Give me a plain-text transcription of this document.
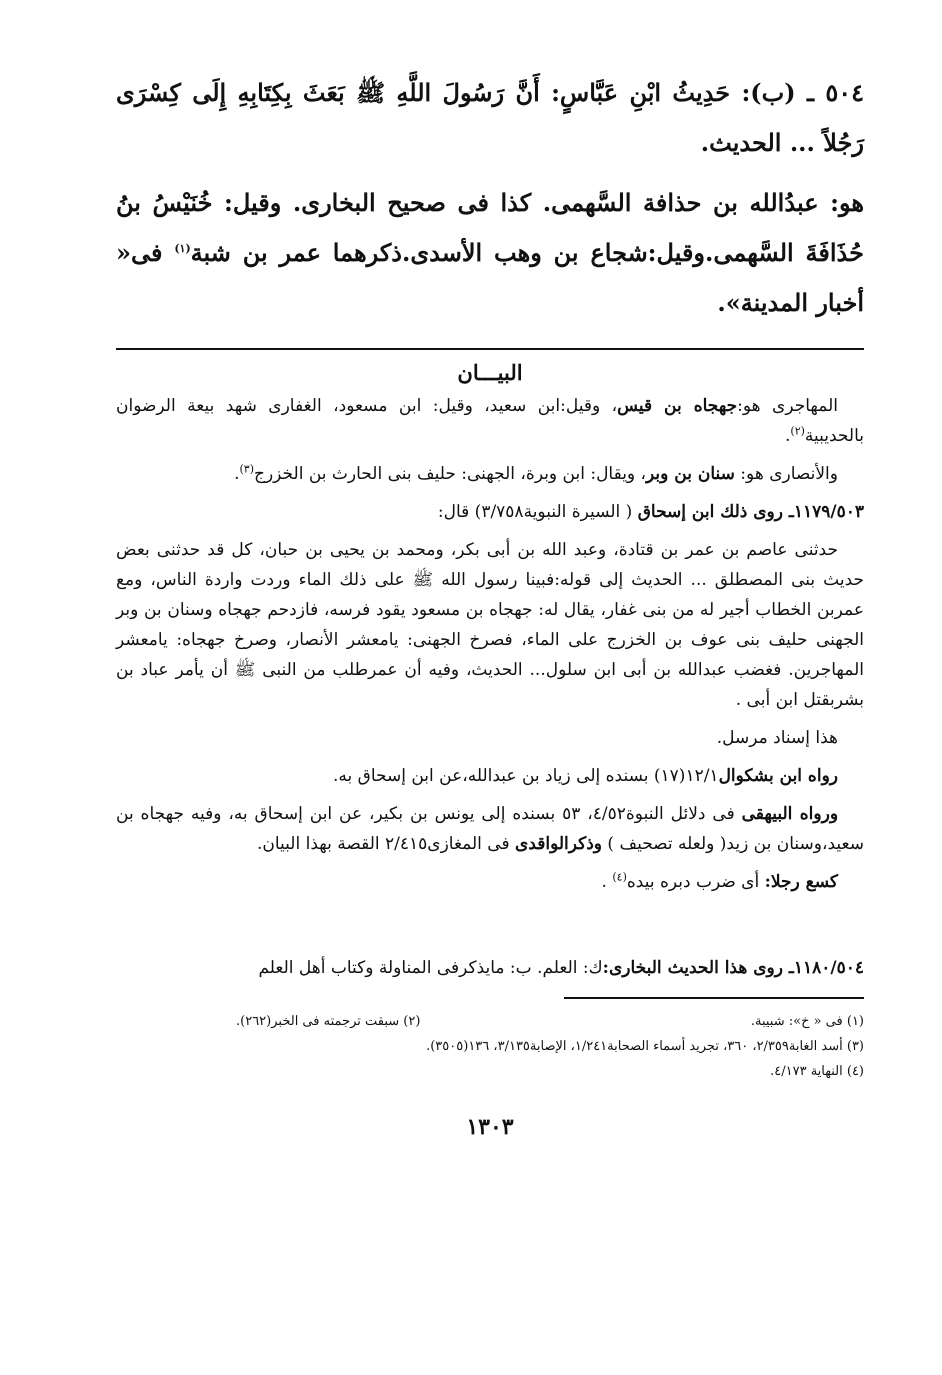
٥٠٤ ـ (ب): حَدِيثُ ابْنِ عَبَّاسٍ: أَنَّ رَسُولَ اللَّهِ ﷺ بَعَثَ بِكِتَابِهِ إِلَى كِسْرَى رَجُلاً ... الحديث.

هو: عبدُالله بن حذافة السَّهمى. كذا فى صحيح البخارى. وقيل: خُنَيْسُ بنُ حُذَافَةَ السَّهمى.وقيل:شجاع بن وهب الأسدى.ذكرهما عمر بن شبة$^{(١)}$ فى« أخبار المدينة».

البيـــان

المهاجرى هو:جهجاه بن قيس، وقيل:ابن سعيد، وقيل: ابن مسعود، الغفارى شهد بيعة الرضوان بالحديبية$^{(٢)}$.

والأنصارى هو: سنان بن وبر، ويقال: ابن وبرة، الجهنى: حليف بنى الحارث بن الخزرج$^{(٣)}$.

١١٧٩/٥٠٣ـ روى ذلك ابن إسحاق ( السيرة النبوية٣/٧٥٨) قال:

حدثنى عاصم بن عمر بن قتادة، وعبد الله بن أبى بكر، ومحمد بن يحيى بن حبان، كل قد حدثنى بعض حديث بنى المصطلق ... الحديث إلى قوله:فبينا رسول الله ﷺ على ذلك الماء وردت واردة الناس، ومع عمربن الخطاب أجير له من بنى غفار، يقال له: جهجاه بن مسعود يقود فرسه، فازدحم جهجاه وسنان بن وبر الجهنى حليف بنى عوف بن الخزرج على الماء، فصرخ الجهنى: يامعشر الأنصار، وصرخ جهجاه: يامعشر المهاجرين. فغضب عبدالله بن أبى ابن سلول... الحديث، وفيه أن عمرطلب من النبى ﷺ أن يأمر عباد بن بشربقتل ابن أبى .

هذا إسناد مرسل.

رواه ابن بشكوال١٢/١(١٧) بسنده إلى زياد بن عبدالله،عن ابن إسحاق به.

ورواه البيهقى فى دلائل النبوة٤/٥٢، ٥٣ بسنده إلى يونس بن بكير، عن ابن إسحاق به، وفيه جهجاه بن سعيد،وسنان بن زيد( ولعله تصحيف ) وذكرالواقدى فى المغازى٢/٤١٥ القصة بهذا البيان.

كسع رجلا: أى ضرب دبره بيده$^{(٤)}$ .

١١٨٠/٥٠٤ـ روى هذا الحديث البخارى:ك: العلم. ب: مايذكرفى المناولة وكتاب أهل العلم
(١) فى « خ»: شبيبة.
(٢) سبقت ترجمته فى الخبر(٢٦٢).
(٣) أسد الغابة٢/٣٥٩، ٣٦٠، تجريد أسماء الصحابة١/٢٤١، الإصابة٣/١٣٥، ١٣٦(٣٥٠٥).
(٤) النهاية ٤/١٧٣.
١٣٠٣
